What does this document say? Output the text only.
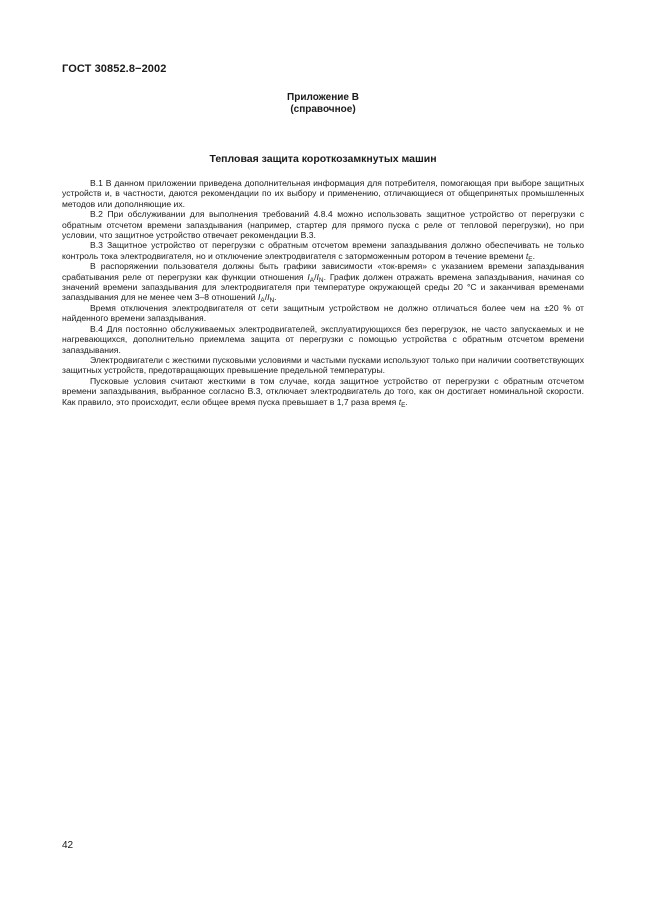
ГОСТ 30852.8−2002
Приложение В
(справочное)
Тепловая защита короткозамкнутых машин

В.1 В данном приложении приведена дополнительная информация для потребителя, помогающая при выборе защитных устройств и, в частности, даются рекомендации по их выбору и применению, отличающиеся от общепринятых промышленных методов или дополняющие их.

В.2 При обслуживании для выполнения требований 4.8.4 можно использовать защитное устройство от перегрузки с обратным отсчетом времени запаздывания (например, стартер для прямого пуска с реле от тепловой перегрузки), но при условии, что защитное устройство отвечает рекомендации В.3.

В.3 Защитное устройство от перегрузки с обратным отсчетом времени запаздывания должно обеспечивать не только контроль тока электродвигателя, но и отключение электродвигателя с заторможенным ротором в течение времени $t_E$.

В распоряжении пользователя должны быть графики зависимости «ток-время» с указанием времени запаздывания срабатывания реле от перегрузки как функции отношения $I_A/I_N$. График должен отражать времена запаздывания, начиная со значений времени запаздывания для электродвигателя при температуре окружающей среды 20 °С и заканчивая временами запаздывания для не менее чем 3–8 отношений $I_A/I_N$.

Время отключения электродвигателя от сети защитным устройством не должно отличаться более чем на ±20 % от найденного времени запаздывания.

В.4 Для постоянно обслуживаемых электродвигателей, эксплуатирующихся без перегрузок, не часто запускаемых и не нагревающихся, дополнительно приемлема защита от перегрузки с помощью устройства с обратным отсчетом времени запаздывания.

Электродвигатели с жесткими пусковыми условиями и частыми пусками используют только при наличии соответствующих защитных устройств, предотвращающих превышение предельной температуры.

Пусковые условия считают жесткими в том случае, когда защитное устройство от перегрузки с обратным отсчетом времени запаздывания, выбранное согласно В.3, отключает электродвигатель до того, как он достигает номинальной скорости. Как правило, это происходит, если общее время пуска превышает в 1,7 раза время $t_E$.

42
